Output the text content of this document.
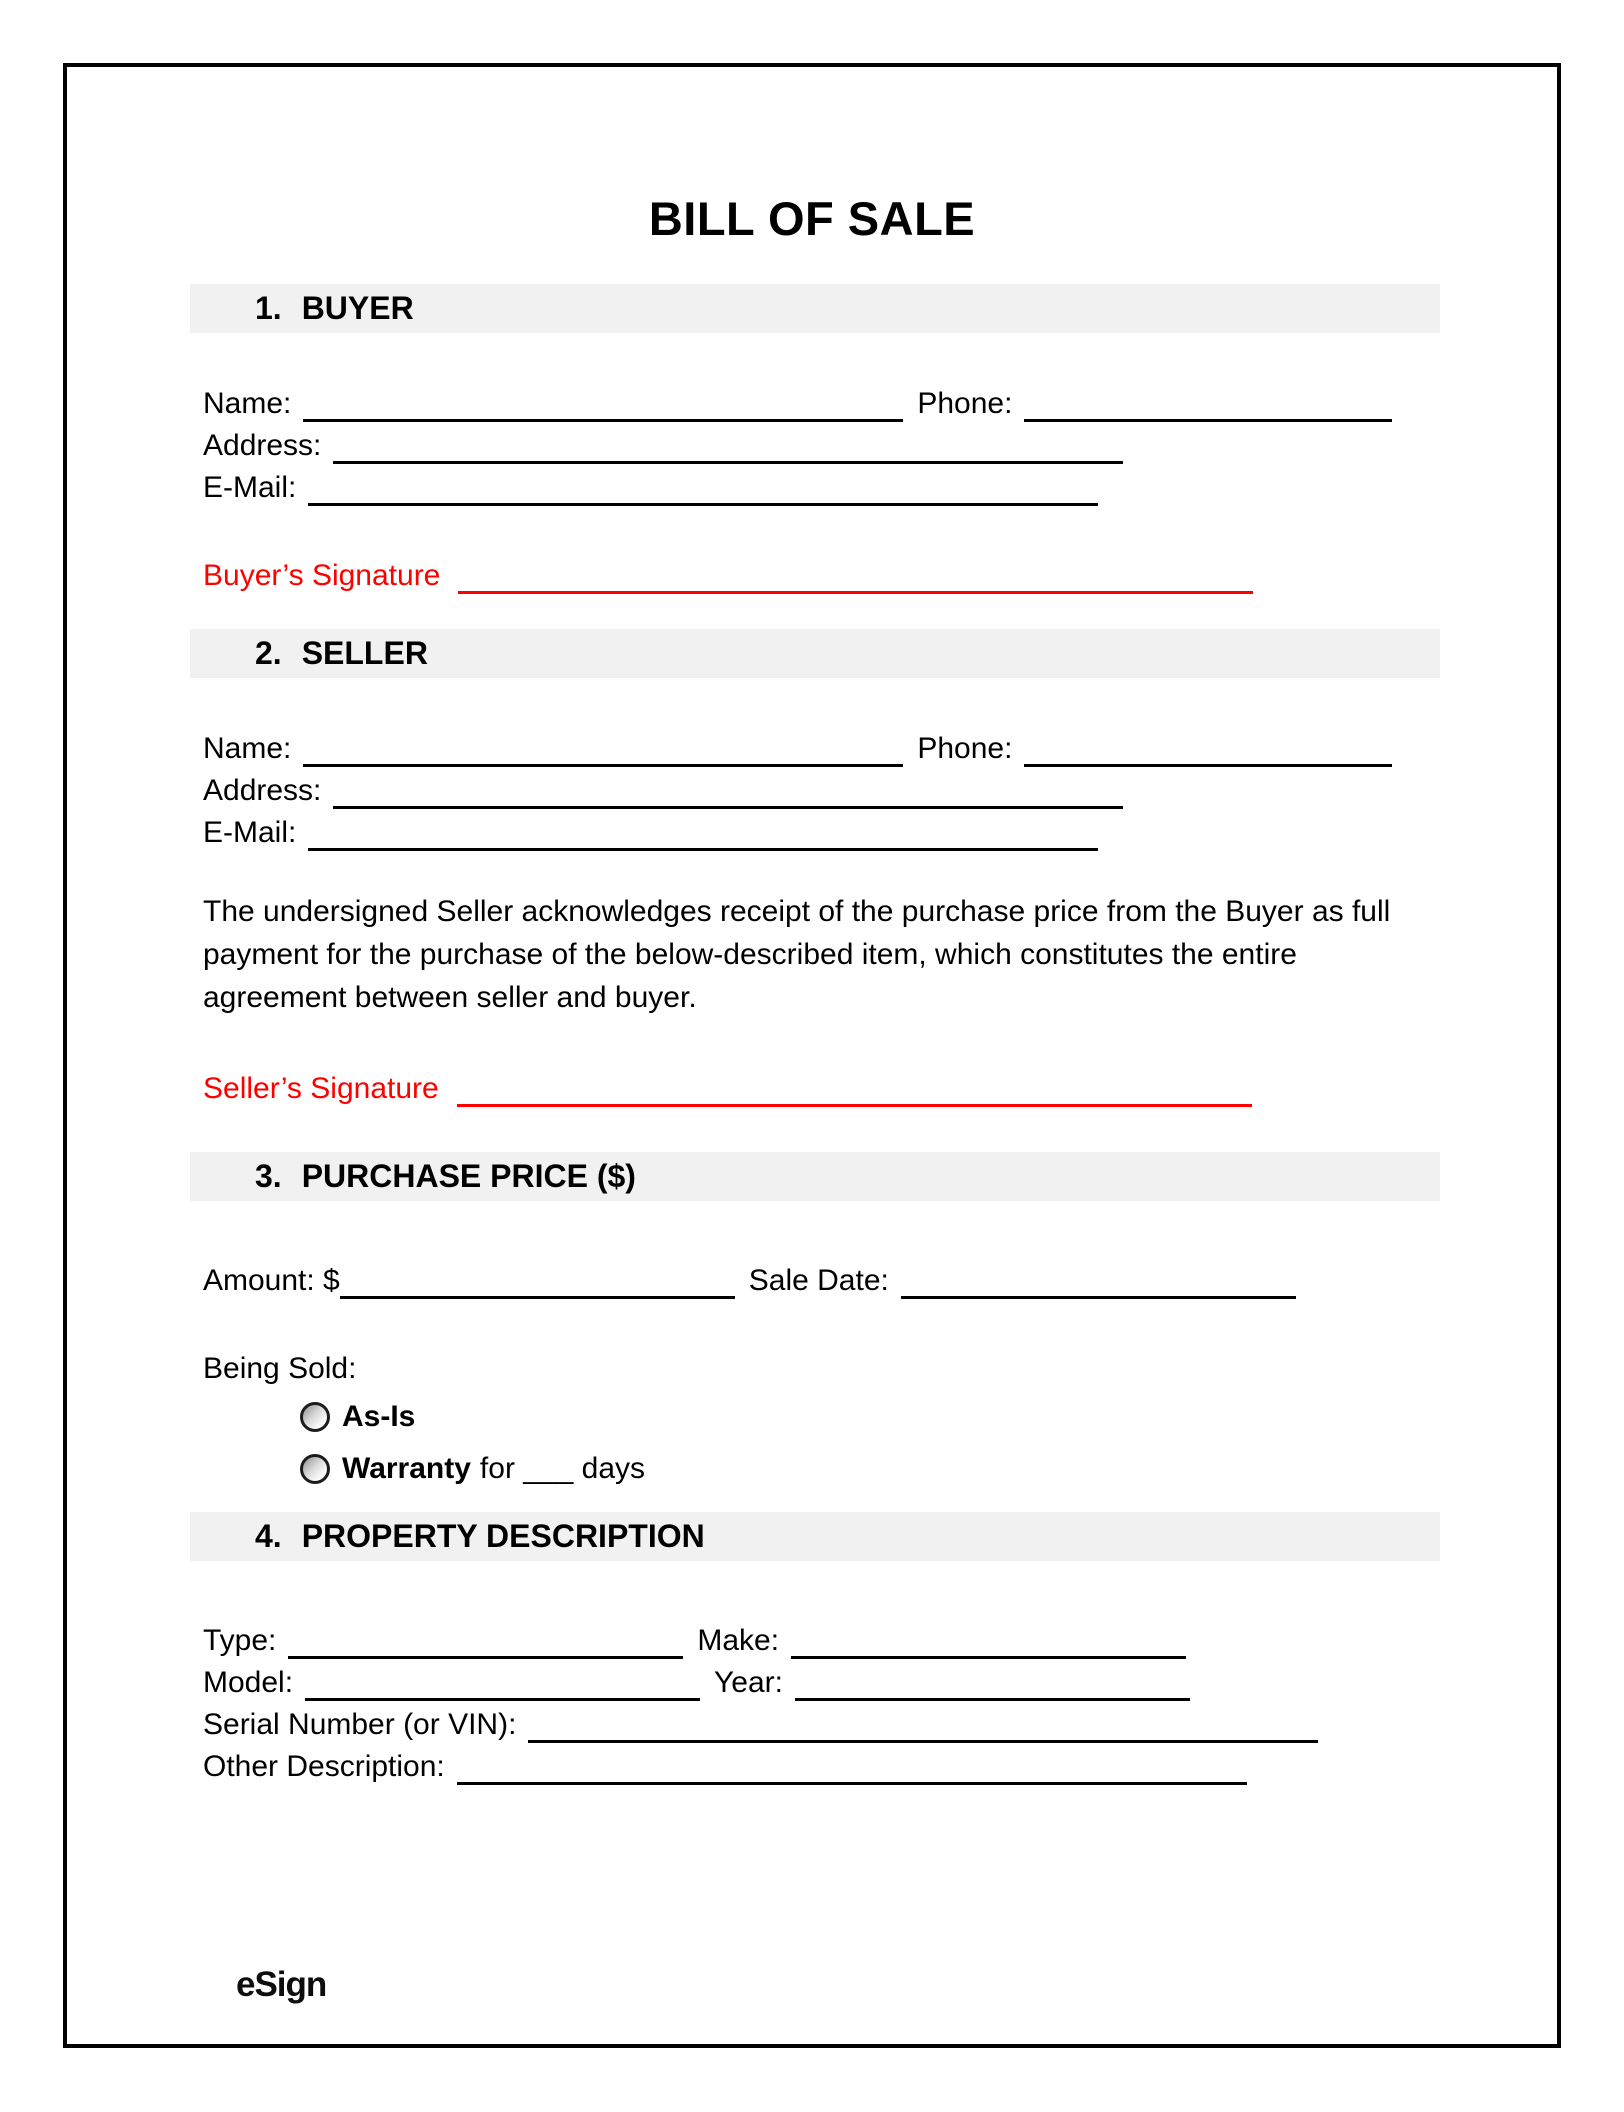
BILL OF SALE
1. BUYER
Name:	Phone:
Address:
E-Mail:
Buyer’s Signature
2. SELLER
Name:	Phone:
Address:
E-Mail:
The undersigned Seller acknowledges receipt of the purchase price from the Buyer as full payment for the purchase of the below-described item, which constitutes the entire agreement between seller and buyer.
Seller’s Signature
3. PURCHASE PRICE ($)
Amount: $	Sale Date:
Being Sold:
As-Is
Warranty for ___ days
4. PROPERTY DESCRIPTION
Type:	Make:
Model:	Year:
Serial Number (or VIN):
Other Description:
eSign
